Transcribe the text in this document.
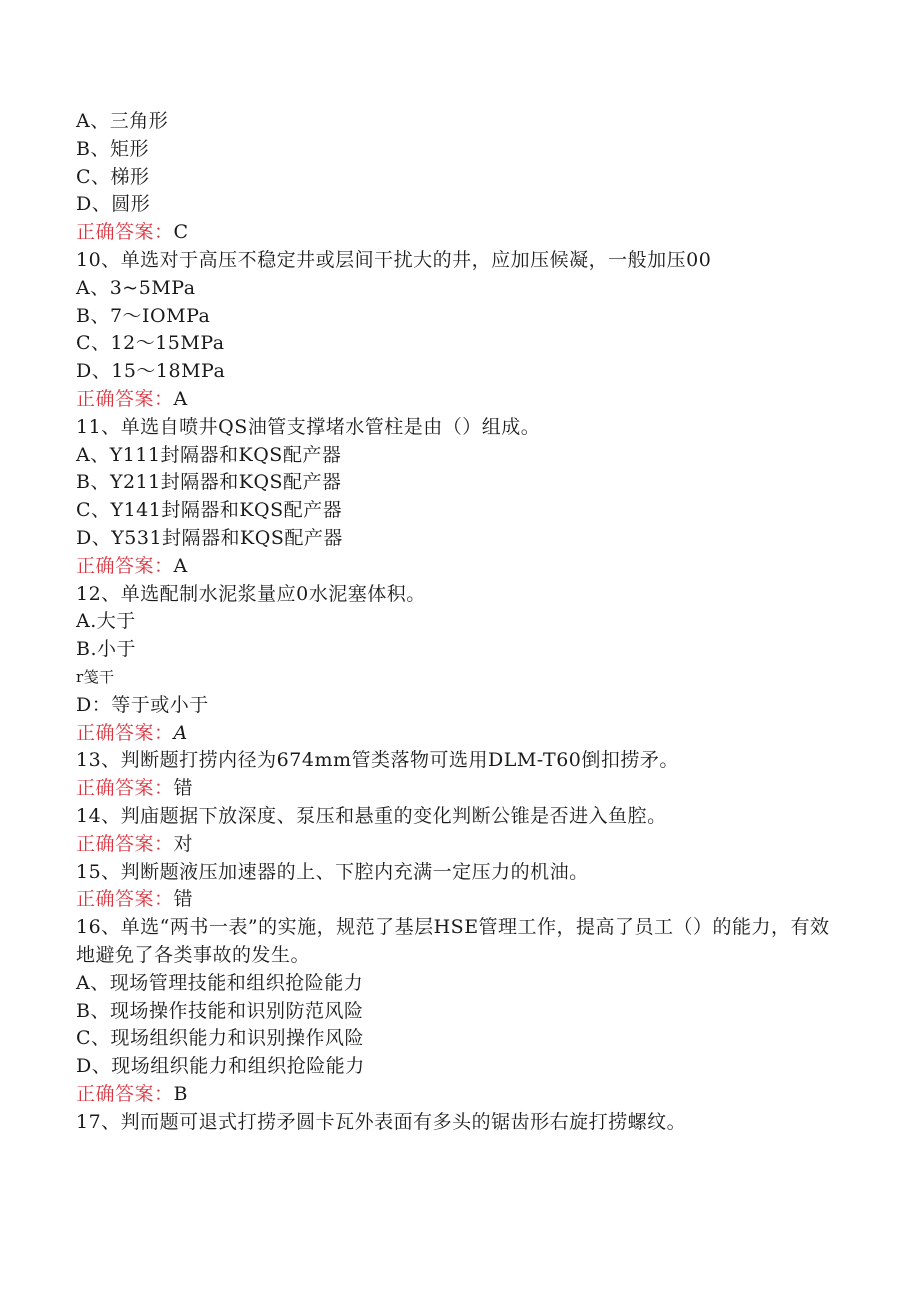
A、三角形
B、矩形
C、梯形
D、圆形
正确答案：C
10、单选对于高压不稳定井或层间干扰大的井，应加压候凝，一般加压00
A、3~5MPa
B、7～IOMPa
C、12～15MPa
D、15～18MPa
正确答案：A
11、单选自喷井QS油管支撑堵水管柱是由（）组成。
A、Y111封隔器和KQS配产器
B、Y211封隔器和KQS配产器
C、Y141封隔器和KQS配产器
D、Y531封隔器和KQS配产器
正确答案：A
12、单选配制水泥浆量应0水泥塞体积。
A.大于
B.小于
r笺干
D：等于或小于
正确答案：A
13、判断题打捞内径为674mm管类落物可选用DLM-T60倒扣捞矛。
正确答案：错
14、判庙题据下放深度、泵压和悬重的变化判断公锥是否进入鱼腔。
正确答案：对
15、判断题液压加速器的上、下腔内充满一定压力的机油。
正确答案：错
16、单选“两书一表”的实施，规范了基层HSE管理工作，提高了员工（）的能力，有效地避免了各类事故的发生。
A、现场管理技能和组织抢险能力
B、现场操作技能和识别防范风险
C、现场组织能力和识别操作风险
D、现场组织能力和组织抢险能力
正确答案：B
17、判而题可退式打捞矛圆卡瓦外表面有多头的锯齿形右旋打捞螺纹。
